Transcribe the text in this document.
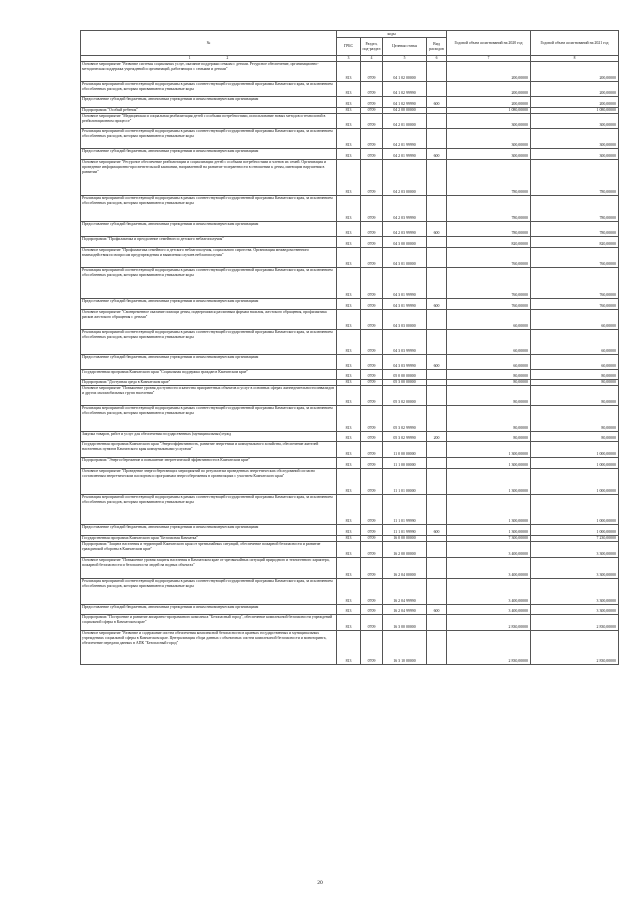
№	коды				Годовой объем ассигнований на 2020 год	Годовой объем ассигнований на 2021 год
	ГРБС	Раздел, под-раздел	Целевая статья	Вид расходов		
1 2	3	4	5	6	7	8
Основное мероприятие "Развитие системы социальных услуг, оказание поддержки семьям с детьми. Ресурсное обеспечение, организационно-методическая поддержка учреждений и организаций, работающих с семьями и детьми"	813	0709	04 1 02 00000		200,00000	200,00000
Реализация мероприятий соответствующей подпрограммы в рамках соответствующей государственной программы Камчатского края, за исключением обособленных расходов, которым присваиваются уникальные коды	813	0709	04 1 02 99990		200,00000	200,00000
Предоставление субсидий бюджетным, автономным учреждениям и иным некоммерческим организациям	813	0709	04 1 02 99990	600	200,00000	200,00000
Подпрограмма "Особый ребенок"	813	0709	04 2 00 00000		1 080,00000	1 080,00000
Основное мероприятие "Медицинская и социальная реабилитация детей с особыми потребностями, использование новых методов и технологий в реабилитационном процессе"	813	0709	04 2 01 00000		300,00000	300,00000
Реализация мероприятий соответствующей подпрограммы в рамках соответствующей государственной программы Камчатского края, за исключением обособленных расходов, которым присваиваются уникальные коды	813	0709	04 2 01 99990		300,00000	300,00000
Предоставление субсидий бюджетным, автономным учреждениям и иным некоммерческим организациям	813	0709	04 2 01 99990	600	300,00000	300,00000
Основное мероприятие "Ресурсное обеспечение реабилитации и социализации детей с особыми потребностями и членов их семей. Организация и проведение информационно-просветительской кампании, направленной на развитие толерантности в отношении к детям, имеющим нарушения в развитии"	813	0709	04 2 03 00000		780,00000	780,00000
Реализация мероприятий соответствующей подпрограммы в рамках соответствующей государственной программы Камчатского края, за исключением обособленных расходов, которым присваиваются уникальные коды	813	0709	04 2 03 99990		780,00000	780,00000
Предоставление субсидий бюджетным, автономным учреждениям и иным некоммерческим организациям	813	0709	04 2 03 99990	600	780,00000	780,00000
Подпрограмма "Профилактика и преодоление семейного и детского неблагополучия"	813	0709	04 3 00 00000		820,00000	820,00000
Основное мероприятие "Профилактика семейного и детского неблагополучия, социального сиротства. Организация межведомственного взаимодействия по вопросам предупреждения и выявления случаев неблагополучия"	813	0709	04 3 01 00000		760,00000	760,00000
Реализация мероприятий соответствующей подпрограммы в рамках соответствующей государственной программы Камчатского края, за исключением обособленных расходов, которым присваиваются уникальные коды	813	0709	04 3 01 99990		760,00000	760,00000
Предоставление субсидий бюджетным, автономным учреждениям и иным некоммерческим организациям	813	0709	04 3 01 99990	600	760,00000	760,00000
Основное мероприятие "Своевременное оказание помощи детям, подвергшимся различным формам насилия, жестокого обращения, профилактика рисков жестокого обращения с детьми"	813	0709	04 3 03 00000		60,00000	60,00000
Реализация мероприятий соответствующей подпрограммы в рамках соответствующей государственной программы Камчатского края, за исключением обособленных расходов, которым присваиваются уникальные коды	813	0709	04 3 03 99990		60,00000	60,00000
Предоставление субсидий бюджетным, автономным учреждениям и иным некоммерческим организациям	813	0709	04 3 03 99990	600	60,00000	60,00000
Государственная программа Камчатского края "Социальная поддержка граждан в Камчатском крае"	813	0709	05 0 00 00000		80,00000	80,00000
Подпрограмма "Доступная среда в Камчатском крае"	813	0709	05 3 00 00000		80,00000	80,00000
Основное мероприятие "Повышение уровня доступности и качества приоритетных объектов и услуг в основных сферах жизнедеятельности инвалидов и других маломобильных групп населения"	813	0709	05 3 02 00000		80,00000	80,00000
Реализация мероприятий соответствующей подпрограммы в рамках соответствующей государственной программы Камчатского края, за исключением обособленных расходов, которым присваиваются уникальные коды	813	0709	05 3 02 99990		80,00000	80,00000
Закупка товаров, работ и услуг для обеспечения государственных (муниципальных) нужд	813	0709	05 3 02 99990	200	80,00000	80,00000
Государственная программа Камчатского края "Энергоэффективность, развитие энергетики и коммунального хозяйства, обеспечение жителей населенных пунктов Камчатского края коммунальными услугами"	813	0709	11 0 00 00000		1 300,00000	1 000,00000
Подпрограмма "Энергосбережение и повышение энергетической эффективности в Камчатском крае"	813	0709	11 1 00 00000		1 300,00000	1 000,00000
Основное мероприятие "Проведение энергосберегающих мероприятий по результатам проведенных энергетических обследований согласно составленным энергетическим паспортам и программам энергосбережения в организациях с участием Камчатского края"	813	0709	11 1 01 00000		1 300,00000	1 000,00000
Реализация мероприятий соответствующей подпрограммы в рамках соответствующей государственной программы Камчатского края, за исключением обособленных расходов, которым присваиваются уникальные коды	813	0709	11 1 01 99990		1 300,00000	1 000,00000
Предоставление субсидий бюджетным, автономным учреждениям и иным некоммерческим организациям	813	0709	11 1 01 99990	600	1 300,00000	1 000,00000
Государственная программа Камчатского края "Безопасная Камчатка"	813	0709	16 0 00 00000		7 300,00000	7 230,00000
Подпрограмма "Защита населения и территорий Камчатского края от чрезвычайных ситуаций, обеспечение пожарной безопасности и развитие гражданской обороны в Камчатском крае"	813	0709	16 2 00 00000		3 400,00000	3 300,00000
Основное мероприятие "Повышение уровня защиты населения в Камчатском крае от чрезвычайных ситуаций природного и техногенного характера, пожарной безопасности и безопасности людей на водных объектах"	813	0709	16 2 04 00000		3 400,00000	3 300,00000
Реализация мероприятий соответствующей подпрограммы в рамках соответствующей государственной программы Камчатского края, за исключением обособленных расходов, которым присваиваются уникальные коды	813	0709	16 2 04 99990		3 400,00000	3 300,00000
Предоставление субсидий бюджетным, автономным учреждениям и иным некоммерческим организациям	813	0709	16 2 04 99990	600	3 400,00000	3 300,00000
Подпрограмма "Построение и развитие аппаратно-программного комплекса "Безопасный город", обеспечение комплексной безопасности учреждений социальной сферы в Камчатском крае"	813	0709	16 3 00 00000		2 830,00000	2 830,00000
Основное мероприятие "Развитие и содержание систем обеспечения комплексной безопасности в краевых государственных и муниципальных учреждениях социальной сферы в Камчатском крае. Централизация сбора данных с объектовых систем комплексной безопасности и мониторинга, обеспечение передачи данных в АПК "Безопасный город"	813	0709	16 3 10 00000		2 830,00000	2 830,00000
20
